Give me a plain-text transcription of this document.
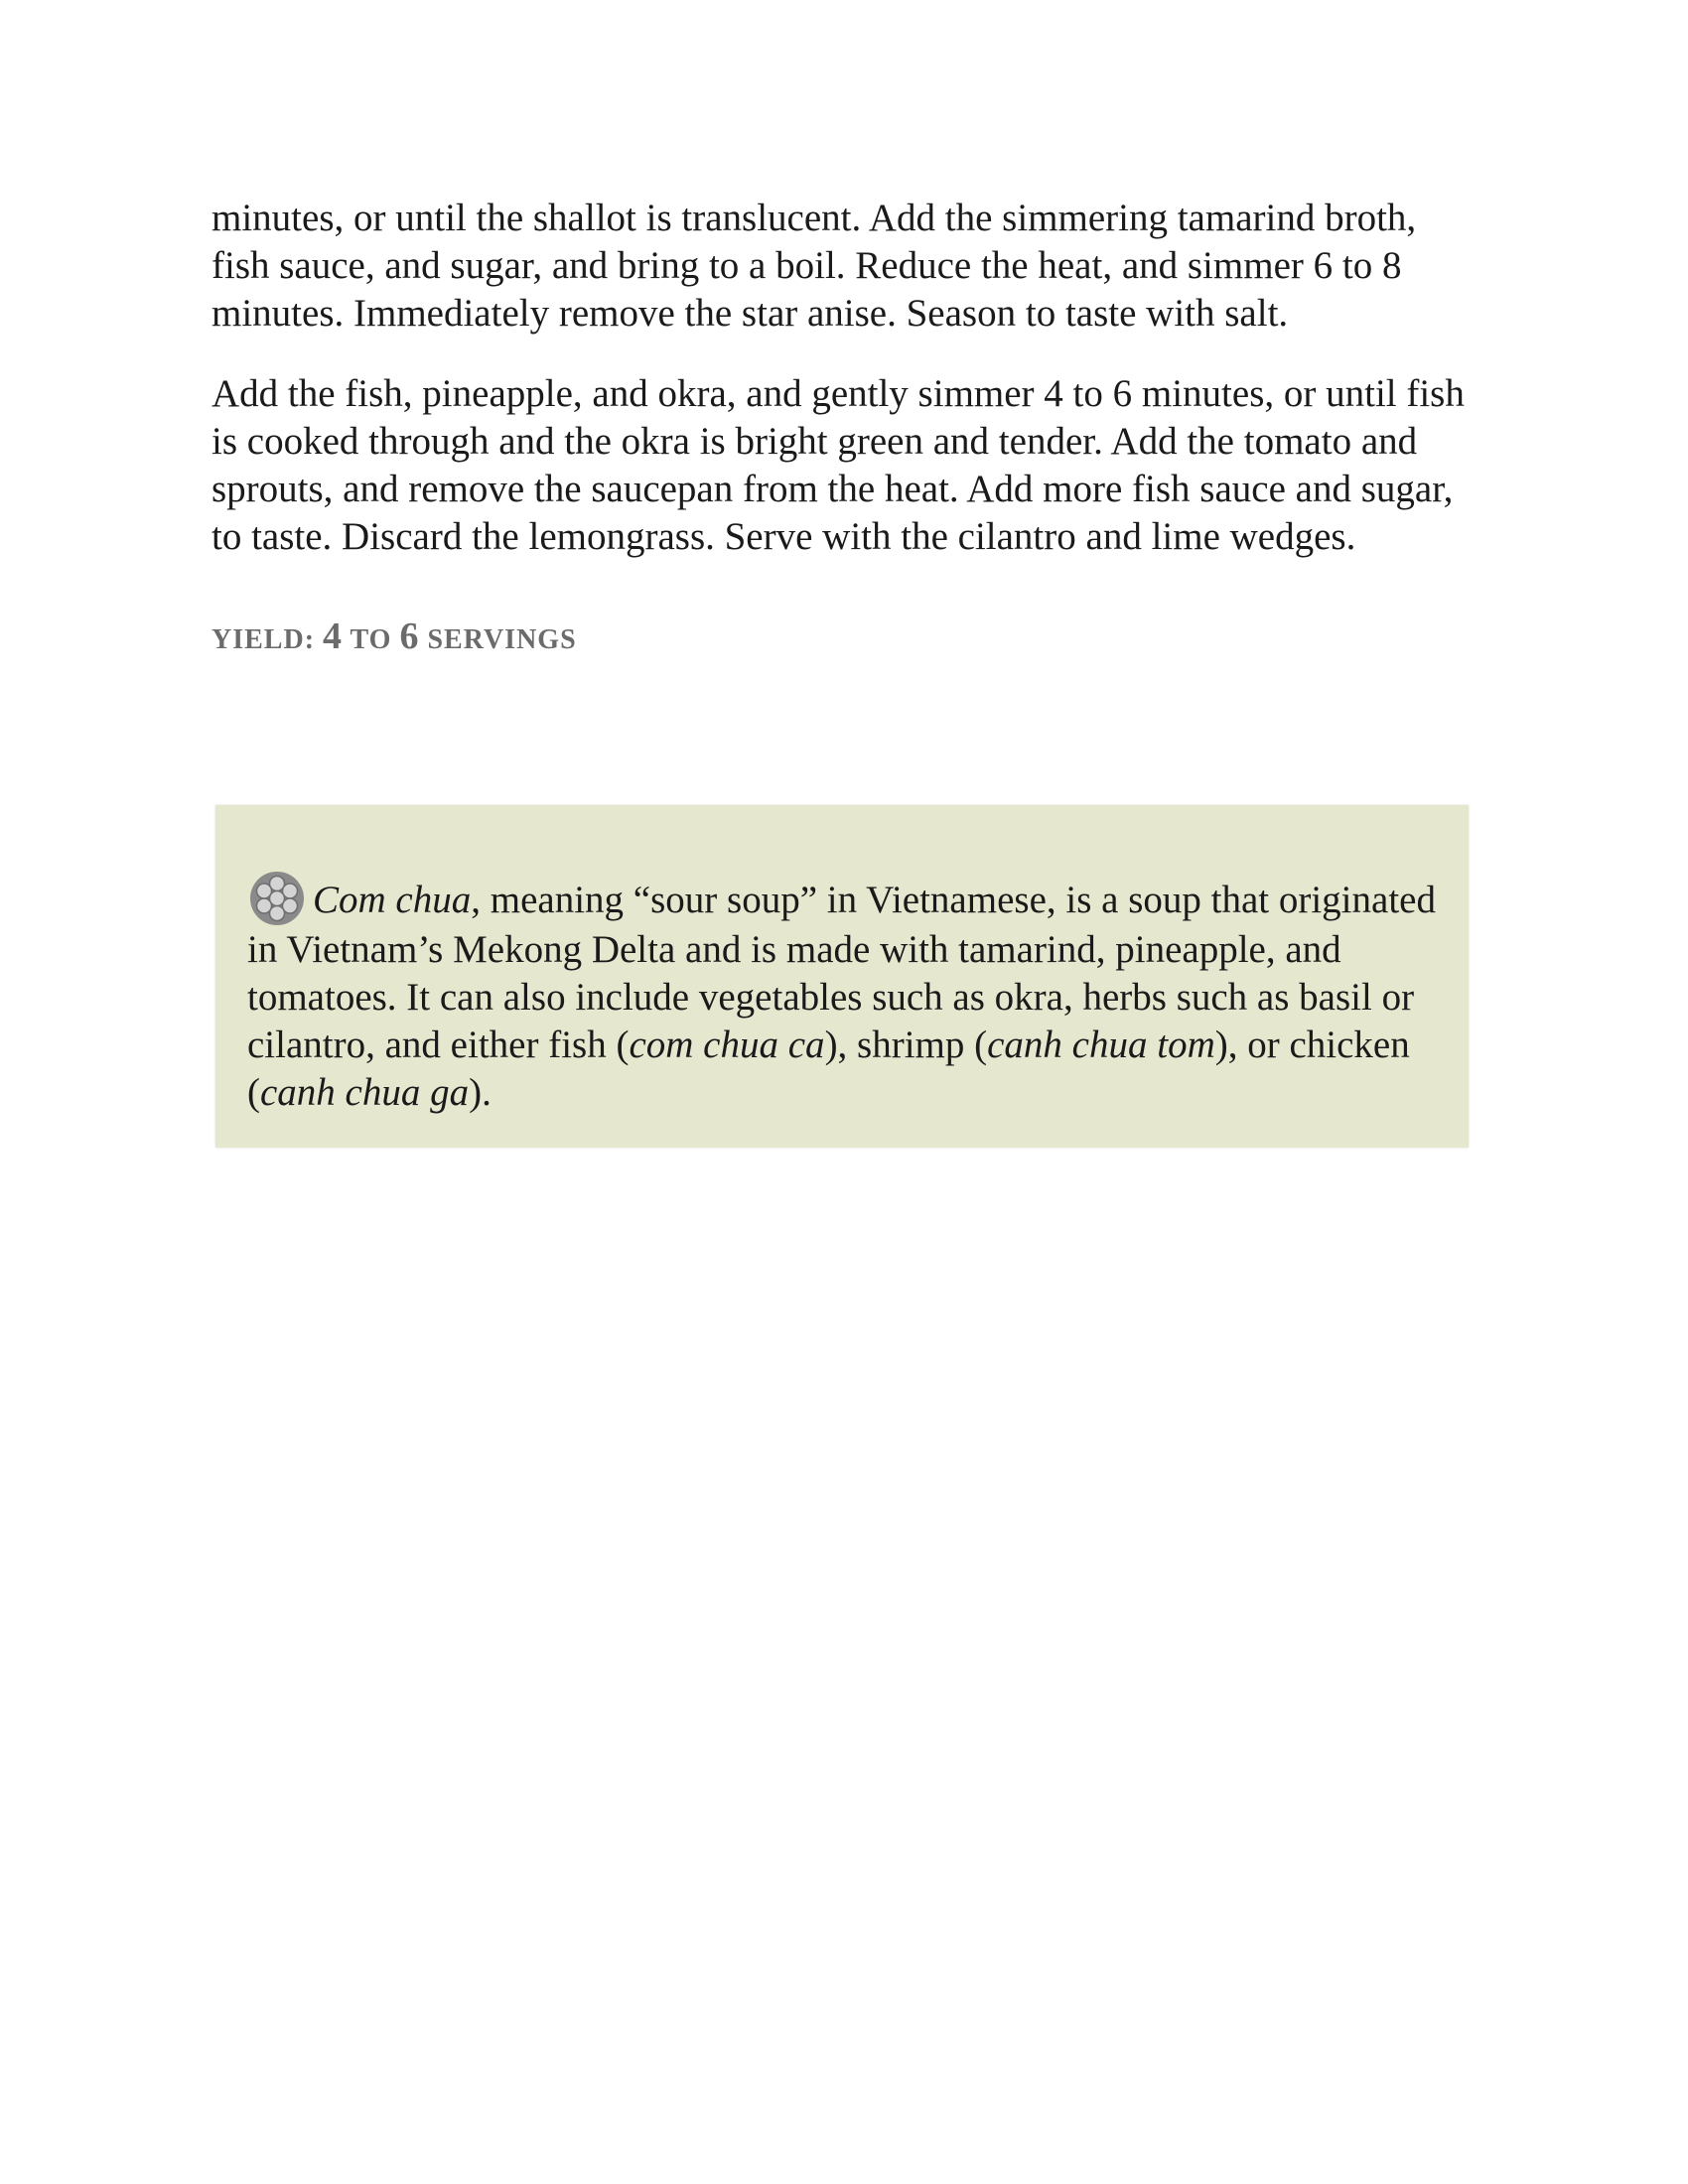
minutes, or until the shallot is translucent. Add the simmering tamarind broth, fish sauce, and sugar, and bring to a boil. Reduce the heat, and simmer 6 to 8 minutes. Immediately remove the star anise. Season to taste with salt.

Add the fish, pineapple, and okra, and gently simmer 4 to 6 minutes, or until fish is cooked through and the okra is bright green and tender. Add the tomato and sprouts, and remove the saucepan from the heat. Add more fish sauce and sugar, to taste. Discard the lemongrass. Serve with the cilantro and lime wedges.

YIELD: 4 TO 6 SERVINGS

Com chua, meaning “sour soup” in Vietnamese, is a soup that originated in Vietnam’s Mekong Delta and is made with tamarind, pineapple, and tomatoes. It can also include vegetables such as okra, herbs such as basil or cilantro, and either fish (com chua ca), shrimp (canh chua tom), or chicken (canh chua ga).
